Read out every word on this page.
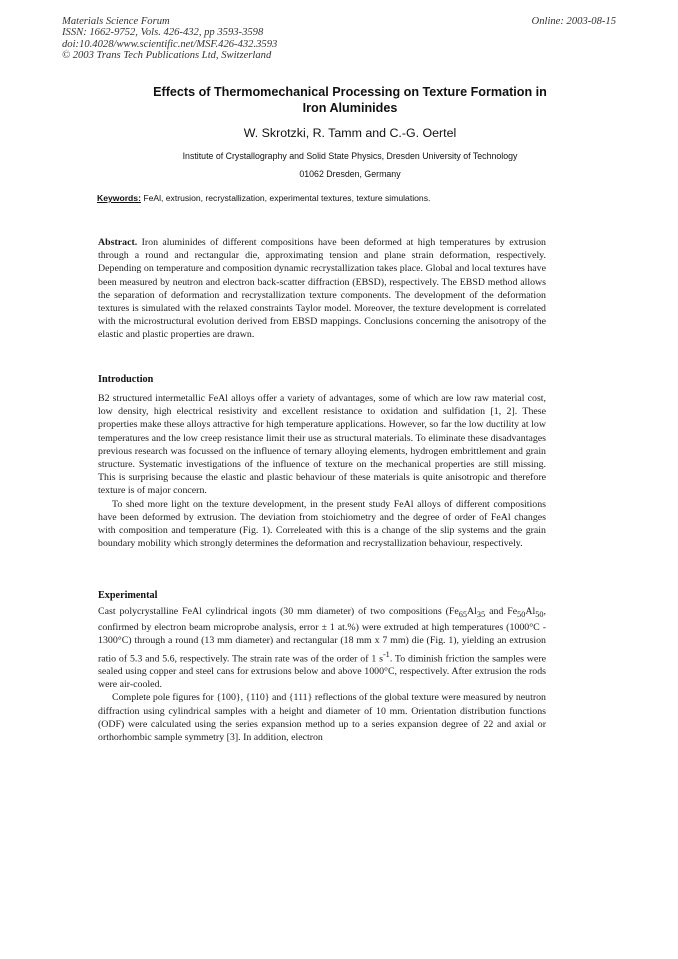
Materials Science Forum
ISSN: 1662-9752, Vols. 426-432, pp 3593-3598
doi:10.4028/www.scientific.net/MSF.426-432.3593
© 2003 Trans Tech Publications Ltd, Switzerland
Online: 2003-08-15
Effects of Thermomechanical Processing on Texture Formation in
Iron Aluminides
W. Skrotzki, R. Tamm and C.-G. Oertel
Institute of Crystallography and Solid State Physics, Dresden University of Technology
01062 Dresden, Germany
Keywords: FeAl, extrusion, recrystallization, experimental textures, texture simulations.

Abstract. Iron aluminides of different compositions have been deformed at high temperatures by extrusion through a round and rectangular die, approximating tension and plane strain deformation, respectively. Depending on temperature and composition dynamic recrystallization takes place. Global and local textures have been measured by neutron and electron back-scatter diffraction (EBSD), respectively. The EBSD method allows the separation of deformation and recrystallization texture components. The development of the deformation textures is simulated with the relaxed constraints Taylor model. Moreover, the texture development is correlated with the microstructural evolution derived from EBSD mappings. Conclusions concerning the anisotropy of the elastic and plastic properties are drawn.

Introduction

B2 structured intermetallic FeAl alloys offer a variety of advantages, some of which are low raw material cost, low density, high electrical resistivity and excellent resistance to oxidation and sulfidation [1, 2]. These properties make these alloys attractive for high temperature applications. However, so far the low ductility at low temperatures and the low creep resistance limit their use as structural materials. To eliminate these disadvantages previous research was focussed on the influence of ternary alloying elements, hydrogen embrittlement and grain structure. Systematic investigations of the influence of texture on the mechanical properties are still missing. This is surprising because the elastic and plastic behaviour of these materials is quite anisotropic and therefore texture is of major concern.

To shed more light on the texture development, in the present study FeAl alloys of different compositions have been deformed by extrusion. The deviation from stoichiometry and the degree of order of FeAl changes with composition and temperature (Fig. 1). Correleated with this is a change of the slip systems and the grain boundary mobility which strongly determines the deformation and recrystallization behaviour, respectively.

Experimental

Cast polycrystalline FeAl cylindrical ingots (30 mm diameter) of two compositions ($Fe_{65}Al_{35}$ and $Fe_{50}Al_{50}$, confirmed by electron beam microprobe analysis, error ± 1 at.%) were extruded at high temperatures (1000°C - 1300°C) through a round (13 mm diameter) and rectangular (18 mm x 7 mm) die (Fig. 1), yielding an extrusion ratio of 5.3 and 5.6, respectively. The strain rate was of the order of 1 $s^{-1}$. To diminish friction the samples were sealed using copper and steel cans for extrusions below and above 1000°C, respectively. After extrusion the rods were air-cooled.

Complete pole figures for {100}, {110} and {111} reflections of the global texture were measured by neutron diffraction using cylindrical samples with a height and diameter of 10 mm. Orientation distribution functions (ODF) were calculated using the series expansion method up to a series expansion degree of 22 and axial or orthorhombic sample symmetry [3]. In addition, electron
